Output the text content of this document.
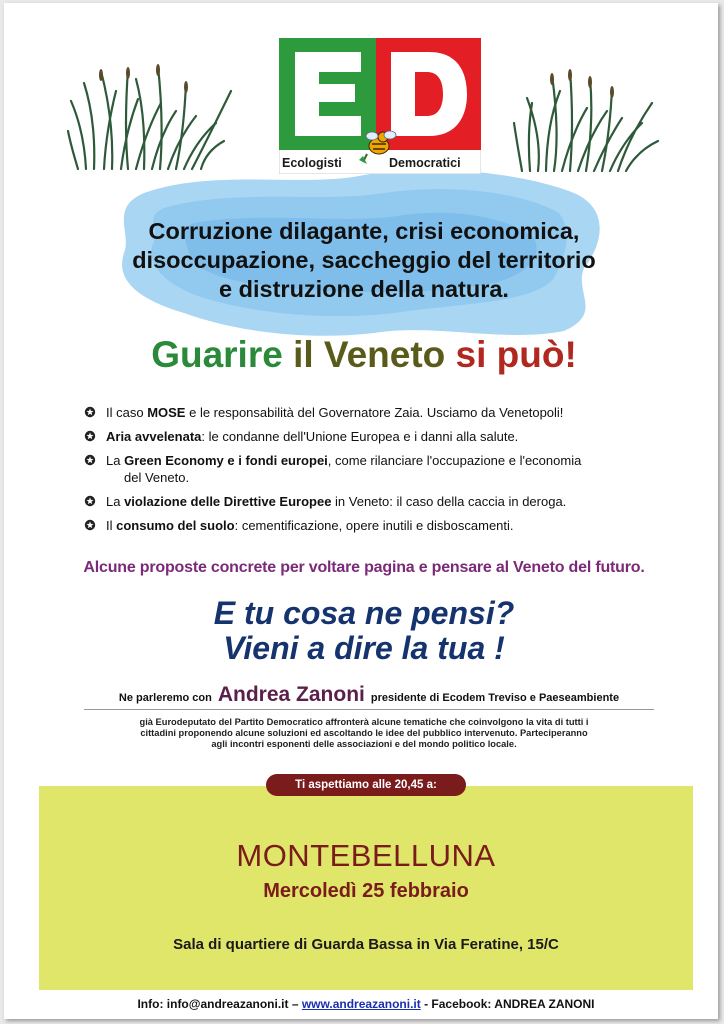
Ecologisti	Democratici
Corruzione dilagante, crisi economica,
disoccupazione, saccheggio del territorio
e distruzione della natura.
Guarire il Veneto si può!
Il caso MOSE e le responsabilità del Governatore Zaia. Usciamo da Venetopoli!
Aria avvelenata: le condanne dell'Unione Europea e i danni alla salute.
La Green Economy e i fondi europei, come rilanciare l'occupazione e l'economia
del Veneto.
La violazione delle Direttive Europee in Veneto: il caso della caccia in deroga.
Il consumo del suolo: cementificazione, opere inutili e disboscamenti.
Alcune proposte concrete per voltare pagina e pensare al Veneto del futuro.
E tu cosa ne pensi?
Vieni a dire la tua !
Ne parleremo con Andrea Zanoni presidente di Ecodem Treviso e Paeseambiente
già Eurodeputato del Partito Democratico affronterà alcune tematiche che coinvolgono la vita di tutti i cittadini proponendo alcune soluzioni ed ascoltando le idee del pubblico intervenuto. Parteciperanno agli incontri esponenti delle associazioni e del mondo politico locale.
Ti aspettiamo alle 20,45 a:
MONTEBELLUNA
Mercoledì 25 febbraio
Sala di quartiere di Guarda Bassa in Via Feratine, 15/C
Info: info@andreazanoni.it – www.andreazanoni.it - Facebook: ANDREA ZANONI
